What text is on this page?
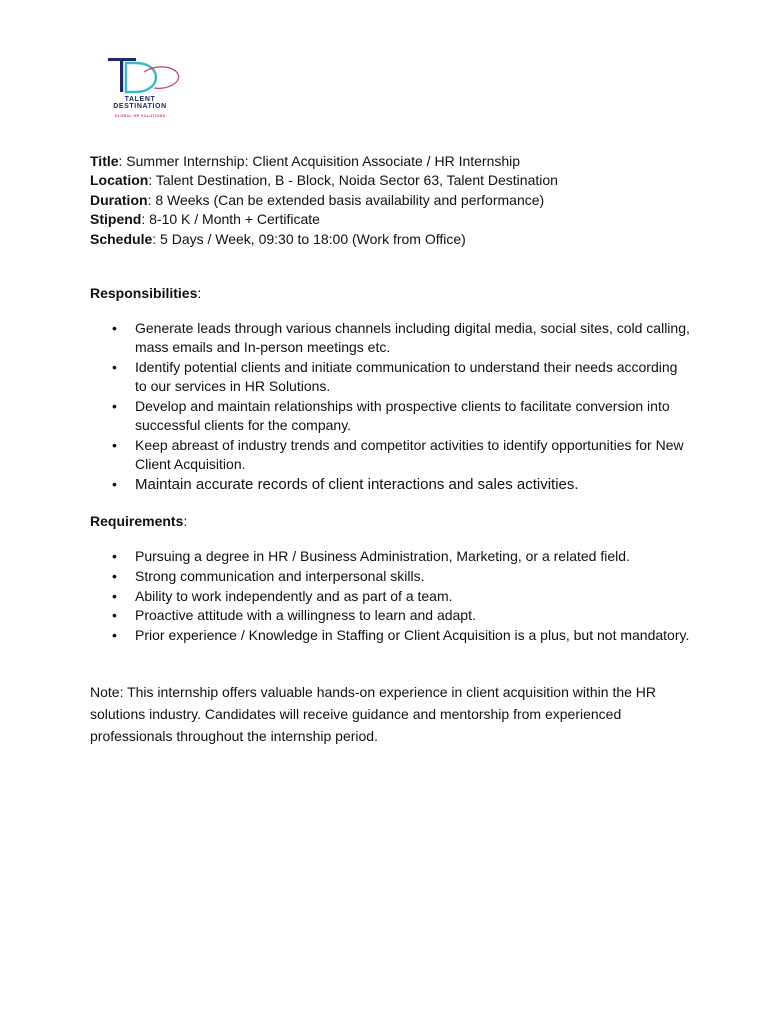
TALENT
DESTINATION
GLOBAL HR SOLUTIONS
Title: Summer Internship: Client Acquisition Associate / HR Internship
Location: Talent Destination, B - Block, Noida Sector 63, Talent Destination
Duration: 8 Weeks (Can be extended basis availability and performance)
Stipend: 8-10 K / Month + Certificate
Schedule: 5 Days / Week, 09:30 to 18:00 (Work from Office)
Responsibilities:
• Generate leads through various channels including digital media, social sites, cold calling, mass emails and In-person meetings etc.
• Identify potential clients and initiate communication to understand their needs according to our services in HR Solutions.
• Develop and maintain relationships with prospective clients to facilitate conversion into successful clients for the company.
• Keep abreast of industry trends and competitor activities to identify opportunities for New Client Acquisition.
• Maintain accurate records of client interactions and sales activities.
Requirements:
• Pursuing a degree in HR / Business Administration, Marketing, or a related field.
• Strong communication and interpersonal skills.
• Ability to work independently and as part of a team.
• Proactive attitude with a willingness to learn and adapt.
• Prior experience / Knowledge in Staffing or Client Acquisition is a plus, but not mandatory.
Note: This internship offers valuable hands-on experience in client acquisition within the HR solutions industry. Candidates will receive guidance and mentorship from experienced professionals throughout the internship period.
